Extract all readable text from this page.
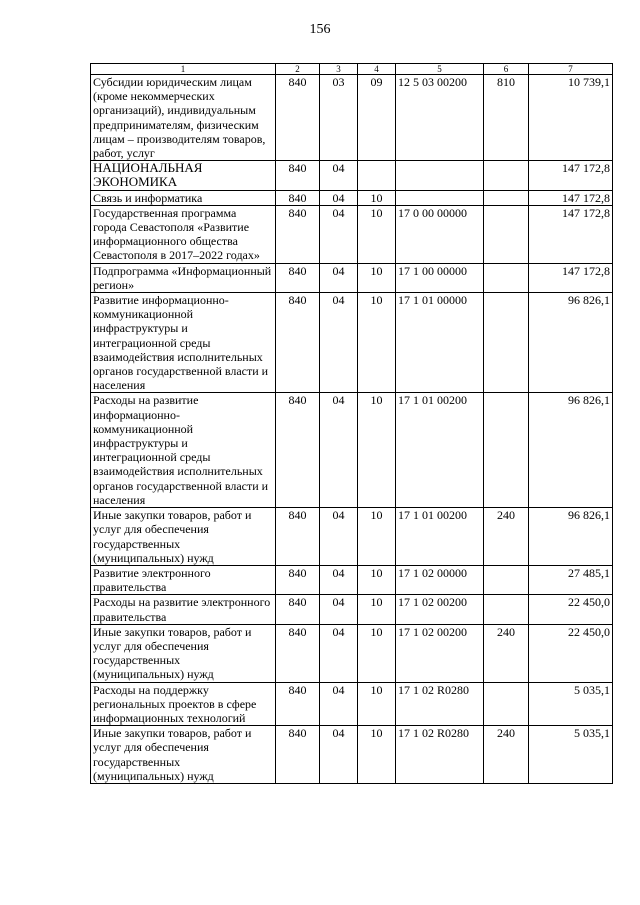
156
1	2	3	4	5	6	7
Субсидии юридическим лицам (кроме некоммерческих организаций), индивидуальным предпринимателям, физическим лицам – производителям товаров, работ, услуг	840	03	09	12 5 03 00200	810	10 739,1
НАЦИОНАЛЬНАЯ ЭКОНОМИКА	840	04				147 172,8
Связь и информатика	840	04	10			147 172,8
Государственная программа города Севастополя «Развитие информационного общества Севастополя в 2017–2022 годах»	840	04	10	17 0 00 00000		147 172,8
Подпрограмма «Информационный регион»	840	04	10	17 1 00 00000		147 172,8
Развитие информационно-коммуникационной инфраструктуры и интеграционной среды взаимодействия исполнительных органов государственной власти и населения	840	04	10	17 1 01 00000		96 826,1
Расходы на развитие информационно-коммуникационной инфраструктуры и интеграционной среды взаимодействия исполнительных органов государственной власти и населения	840	04	10	17 1 01 00200		96 826,1
Иные закупки товаров, работ и услуг для обеспечения государственных (муниципальных) нужд	840	04	10	17 1 01 00200	240	96 826,1
Развитие электронного правительства	840	04	10	17 1 02 00000		27 485,1
Расходы на развитие электронного правительства	840	04	10	17 1 02 00200		22 450,0
Иные закупки товаров, работ и услуг для обеспечения государственных (муниципальных) нужд	840	04	10	17 1 02 00200	240	22 450,0
Расходы на поддержку региональных проектов в сфере информационных технологий	840	04	10	17 1 02 R0280		5 035,1
Иные закупки товаров, работ и услуг для обеспечения государственных (муниципальных) нужд	840	04	10	17 1 02 R0280	240	5 035,1
